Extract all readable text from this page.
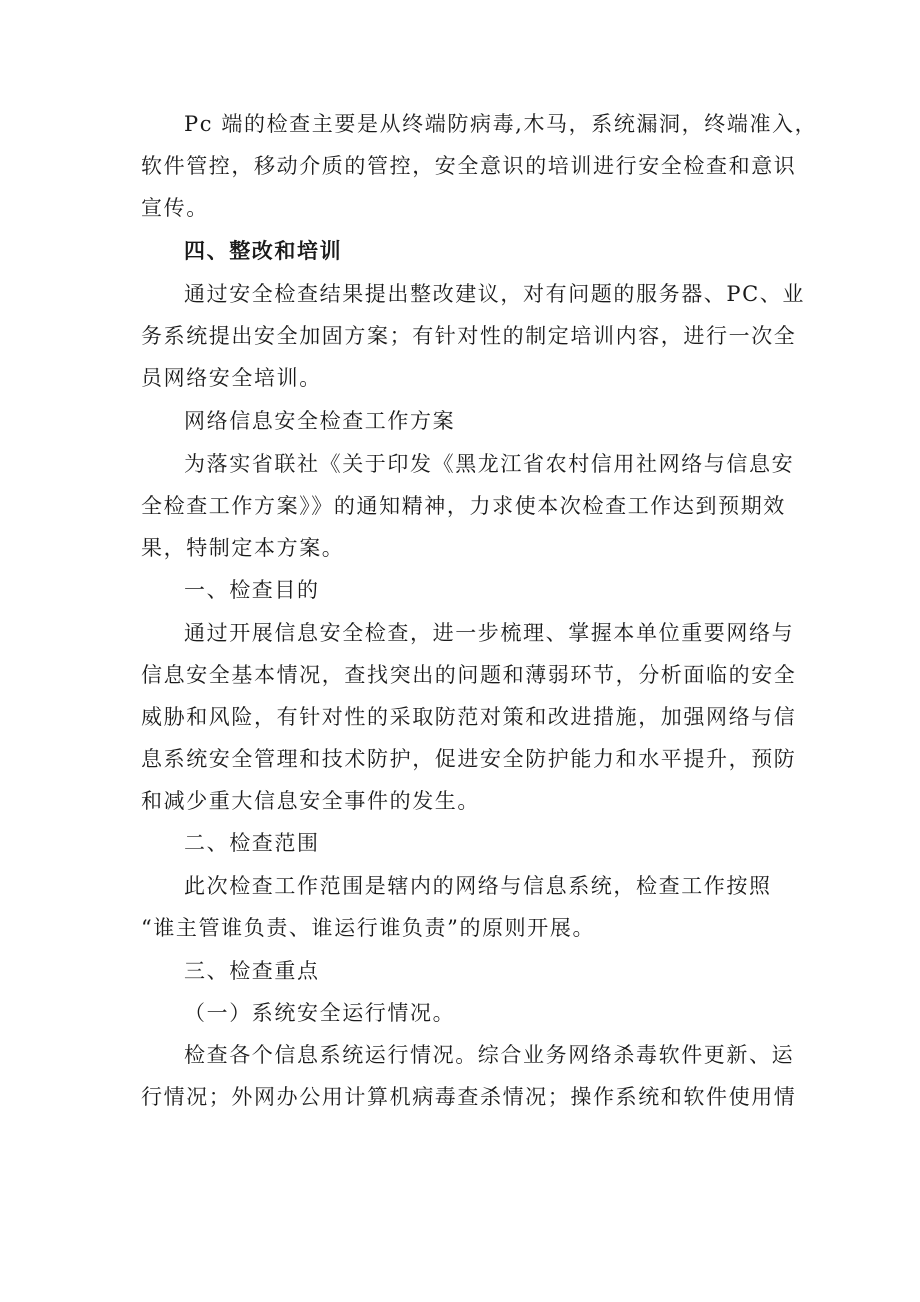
Pc 端的检查主要是从终端防病毒,木马，系统漏洞，终端准入，

软件管控，移动介质的管控，安全意识的培训进行安全检查和意识

宣传。

四、整改和培训

通过安全检查结果提出整改建议，对有问题的服务器、PC、业

务系统提出安全加固方案；有针对性的制定培训内容，进行一次全

员网络安全培训。

网络信息安全检查工作方案

为落实省联社《关于印发《黑龙江省农村信用社网络与信息安

全检查工作方案》》的通知精神，力求使本次检查工作达到预期效

果，特制定本方案。

一、检查目的

通过开展信息安全检查，进一步梳理、掌握本单位重要网络与

信息安全基本情况，查找突出的问题和薄弱环节，分析面临的安全

威胁和风险，有针对性的采取防范对策和改进措施，加强网络与信

息系统安全管理和技术防护，促进安全防护能力和水平提升，预防

和减少重大信息安全事件的发生。

二、检查范围

此次检查工作范围是辖内的网络与信息系统，检查工作按照

“谁主管谁负责、谁运行谁负责”的原则开展。

三、检查重点

（一）系统安全运行情况。

检查各个信息系统运行情况。综合业务网络杀毒软件更新、运

行情况；外网办公用计算机病毒查杀情况；操作系统和软件使用情
